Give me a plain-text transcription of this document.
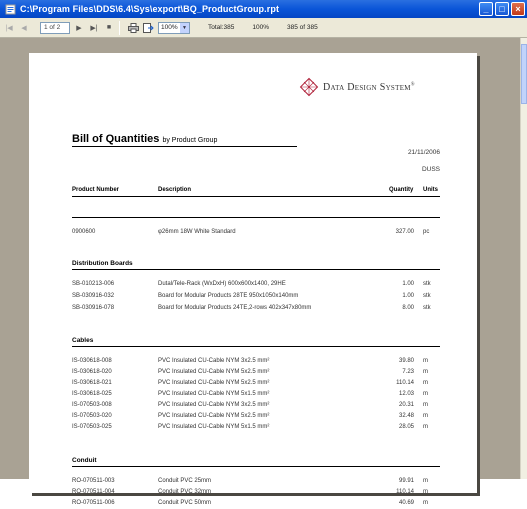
C:\Program Files\DDS\6.4\Sys\export\BQ_ProductGroup.rpt	_	□	×
|◀	◀	1 of 2	▶	▶|	■	100% ▼	Total:385	100%	385 of 385
Data Design System®
Bill of Quantities by Product Group
21/11/2006
DUSS
Product Number	Description	Quantity Units
0900600	φ26mm 18W White Standard	327.00 pc
Distribution Boards
SB-010213-006	Dutal/Tele-Rack (WxDxH) 600x600x1400, 29HE	1.00 stk
SB-030916-032	Board for Modular Products 28TE 950x1050x140mm	1.00 stk
SB-030916-078	Board for Modular Products 24TE,2-rows 402x347x80mm	8.00 stk
Cables
IS-030618-008	PVC Insulated CU-Cable NYM 3x2.5 mm²	39.80 m
IS-030618-020	PVC Insulated CU-Cable NYM 5x2.5 mm²	7.23 m
IS-030618-021	PVC Insulated CU-Cable NYM 5x2.5 mm²	110.14 m
IS-030618-025	PVC Insulated CU-Cable NYM 5x1.5 mm²	12.03 m
IS-070503-008	PVC Insulated CU-Cable NYM 3x2.5 mm²	20.31 m
IS-070503-020	PVC Insulated CU-Cable NYM 5x2.5 mm²	32.48 m
IS-070503-025	PVC Insulated CU-Cable NYM 5x1.5 mm²	28.05 m
Conduit
RO-070511-003	Conduit PVC 25mm	99.91 m
RO-070511-004	Conduit PVC 32mm	110.14 m
RO-070511-006	Conduit PVC 50mm	40.69 m
